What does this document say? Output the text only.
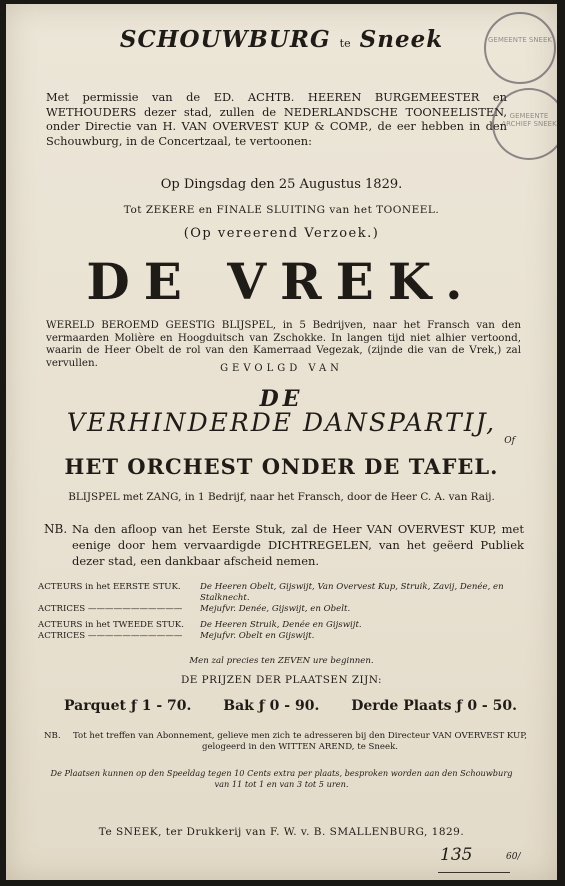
SCHOUWBURG te Sneek
Met permissie van de ED. ACHTB. HEEREN BURGEMEESTER en WETHOUDERS dezer stad, zullen de NEDERLANDSCHE TOONEELISTEN, onder Directie van H. VAN OVERVEST KUP & COMP., de eer hebben in den Schouwburg, in de Concertzaal, te vertoonen:
Op Dingsdag den 25 Augustus 1829.
Tot ZEKERE en FINALE SLUITING van het TOONEEL.
(Op vereerend Verzoek.)
DE VREK.
WERELD BEROEMD GEESTIG BLIJSPEL, in 5 Bedrijven, naar het Fransch van den vermaarden Molière en Hoogduitsch van Zschokke. In langen tijd niet alhier vertoond, waarin de Heer Obelt de rol van den Kamerraad Vegezak, (zijnde die van de Vrek,) zal vervullen.	GEVOLGD VAN
DE
VERHINDERDE DANSPARTIJ,
Of
HET ORCHEST ONDER DE TAFEL.
BLIJSPEL met ZANG, in 1 Bedrijf, naar het Fransch, door de Heer C. A. van Raij.
NB. Na den afloop van het Eerste Stuk, zal de Heer VAN OVERVEST KUP, met eenige door hem vervaardigde DICHTREGELEN, van het geëerd Publiek dezer stad, een dankbaar afscheid nemen.
ACTEURS in het EERSTE STUK.	De Heeren Obelt, Gijswijt, Van Overvest Kup, Struik, Zavij, Denée, en Stalknecht.
ACTRICES ———————————	Mejufvr. Denée, Gijswijt, en Obelt.
ACTEURS in het TWEEDE STUK.	De Heeren Struik, Denée en Gijswijt.
ACTRICES ———————————	Mejufvr. Obelt en Gijswijt.
Men zal precies ten ZEVEN ure beginnen.
DE PRIJZEN DER PLAATSEN ZIJN:
Parquet ƒ 1 - 70. Bak ƒ 0 - 90. Derde Plaats ƒ 0 - 50.
NB.	Tot het treffen van Abonnement, gelieve men zich te adresseren bij den Directeur VAN OVERVEST KUP, gelogeerd in den WITTEN AREND, te Sneek.
De Plaatsen kunnen op den Speeldag tegen 10 Cents extra per plaats, besproken worden aan den Schouwburg van 11 tot 1 en van 3 tot 5 uren.
Te SNEEK, ter Drukkerij van F. W. v. B. SMALLENBURG, 1829.
135	60/
GEMEENTE SNEEK
GEMEENTE ARCHIEF SNEEK
